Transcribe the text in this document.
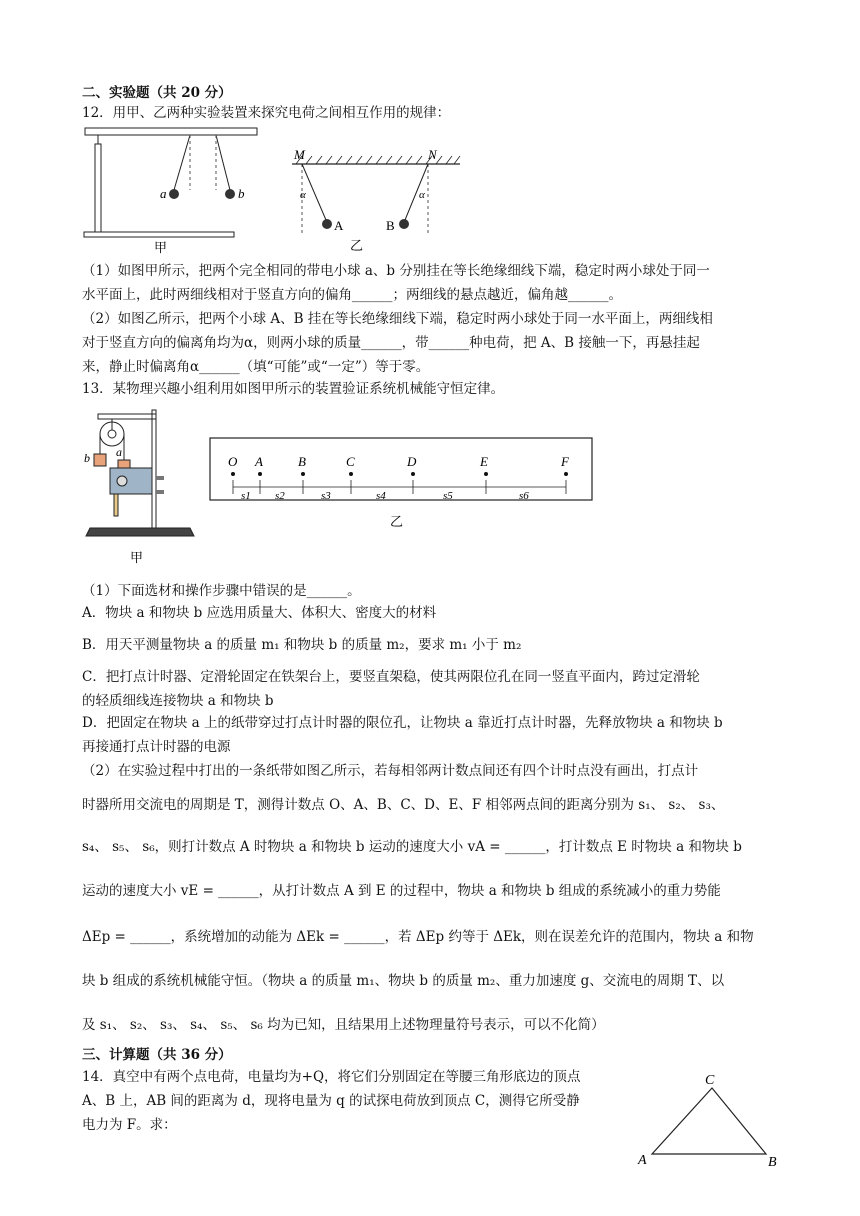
二、实验题（共 20 分）
12．用甲、乙两种实验装置来探究电荷之间相互作用的规律：
a	b
甲
M	N
α	α
A	B
乙
（1）如图甲所示，把两个完全相同的带电小球 a、b 分别挂在等长绝缘细线下端，稳定时两小球处于同一
水平面上，此时两细线相对于竖直方向的偏角______；两细线的悬点越近，偏角越______。
（2）如图乙所示，把两个小球 A、B 挂在等长绝缘细线下端，稳定时两小球处于同一水平面上，两细线相
对于竖直方向的偏离角均为α，则两小球的质量______，带______种电荷，把 A、B 接触一下，再悬挂起
来，静止时偏离角α______（填“可能”或“一定”）等于零。
13．某物理兴趣小组利用如图甲所示的装置验证系统机械能守恒定律。
b a
甲
O A	B	C	D	E	F
s1 s2	s3	s4	s5	s6
乙
（1）下面选材和操作步骤中错误的是______。
A．物块 a 和物块 b 应选用质量大、体积大、密度大的材料
B．用天平测量物块 a 的质量 m₁ 和物块 b 的质量 m₂，要求 m₁ 小于 m₂
C．把打点计时器、定滑轮固定在铁架台上，要竖直架稳，使其两限位孔在同一竖直平面内，跨过定滑轮
的轻质细线连接物块 a 和物块 b
D．把固定在物块 a 上的纸带穿过打点计时器的限位孔，让物块 a 靠近打点计时器，先释放物块 a 和物块 b
再接通打点计时器的电源
（2）在实验过程中打出的一条纸带如图乙所示，若每相邻两计数点间还有四个计时点没有画出，打点计
时器所用交流电的周期是 T，测得计数点 O、A、B、C、D、E、F 相邻两点间的距离分别为 s₁、 s₂、 s₃、
s₄、 s₅、 s₆，则打计数点 A 时物块 a 和物块 b 运动的速度大小 vA = ______，打计数点 E 时物块 a 和物块 b
运动的速度大小 vE = ______，从打计数点 A 到 E 的过程中，物块 a 和物块 b 组成的系统减小的重力势能
ΔEp = ______，系统增加的动能为 ΔEk = ______，若 ΔEp 约等于 ΔEk，则在误差允许的范围内，物块 a 和物
块 b 组成的系统机械能守恒。（物块 a 的质量 m₁、物块 b 的质量 m₂、重力加速度 g、交流电的周期 T、以
及 s₁、 s₂、 s₃、 s₄、 s₅、 s₆ 均为已知，且结果用上述物理量符号表示，可以不化简）
三、计算题（共 36 分）
14．真空中有两个点电荷，电量均为+Q，将它们分别固定在等腰三角形底边的顶点
A、B 上，AB 间的距离为 d，现将电量为 q 的试探电荷放到顶点 C，测得它所受静
电力为 F。求：
C
A	B
